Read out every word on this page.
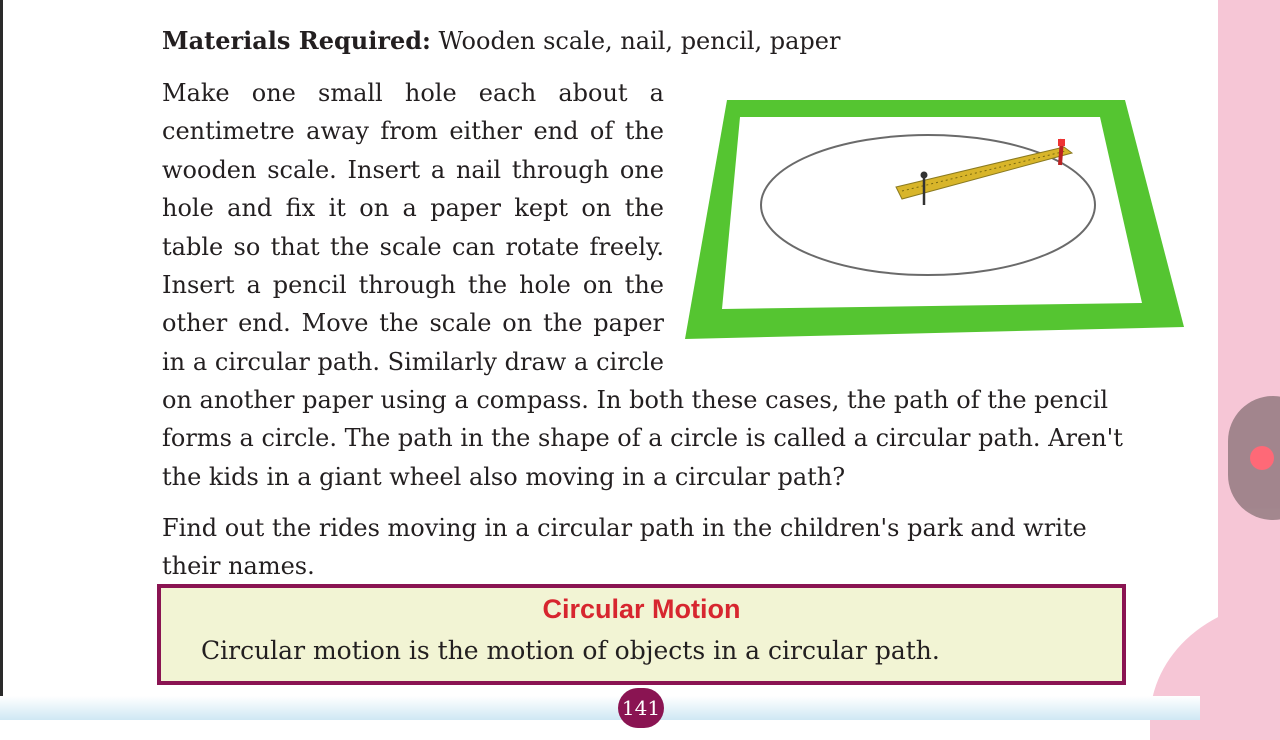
Materials Required: Wooden scale, nail, pencil, paper
Make one small hole each about a
centimetre away from either end of the
wooden scale. Insert a nail through one
hole and fix it on a paper kept on the
table so that the scale can rotate freely.
Insert a pencil through the hole on the
other end. Move the scale on the paper
in a circular path. Similarly draw a circle
on another paper using a compass. In both these cases, the path of the pencil
forms a circle. The path in the shape of a circle is called a circular path. Aren't
the kids in a giant wheel also moving in a circular path?
Find out the rides moving in a circular path in the children's park and write
their names.
Circular Motion
Circular motion is the motion of objects in a circular path.
141
